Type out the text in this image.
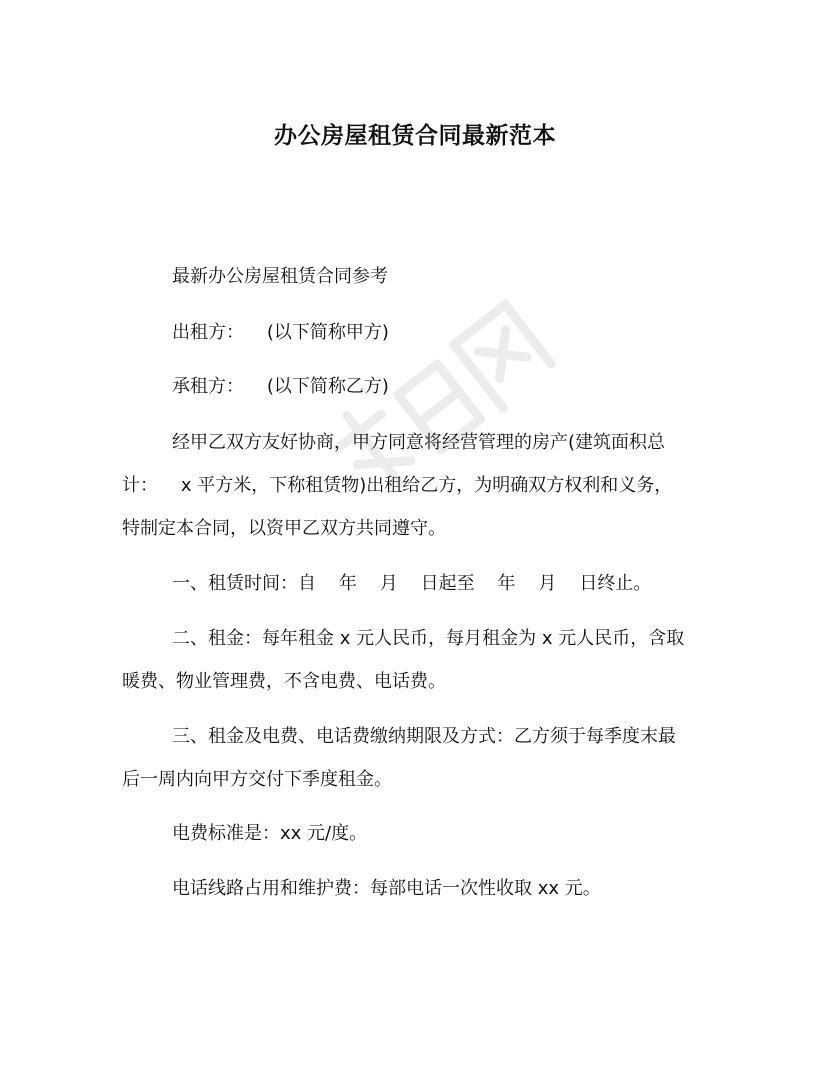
办公房屋租赁合同最新范本
最新办公房屋租赁合同参考
出租方：    (以下简称甲方)
承租方：    (以下简称乙方)
经甲乙双方友好协商，甲方同意将经营管理的房产(建筑面积总
计：    x 平方米，下称租赁物)出租给乙方，为明确双方权利和义务，
特制定本合同，以资甲乙双方共同遵守。
一、租赁时间：自    年    月    日起至    年    月    日终止。
二、租金：每年租金 x 元人民币，每月租金为 x 元人民币，含取
暖费、物业管理费，不含电费、电话费。
三、租金及电费、电话费缴纳期限及方式：乙方须于每季度末最
后一周内向甲方交付下季度租金。
电费标准是：xx 元/度。
电话线路占用和维护费：每部电话一次性收取 xx 元。
